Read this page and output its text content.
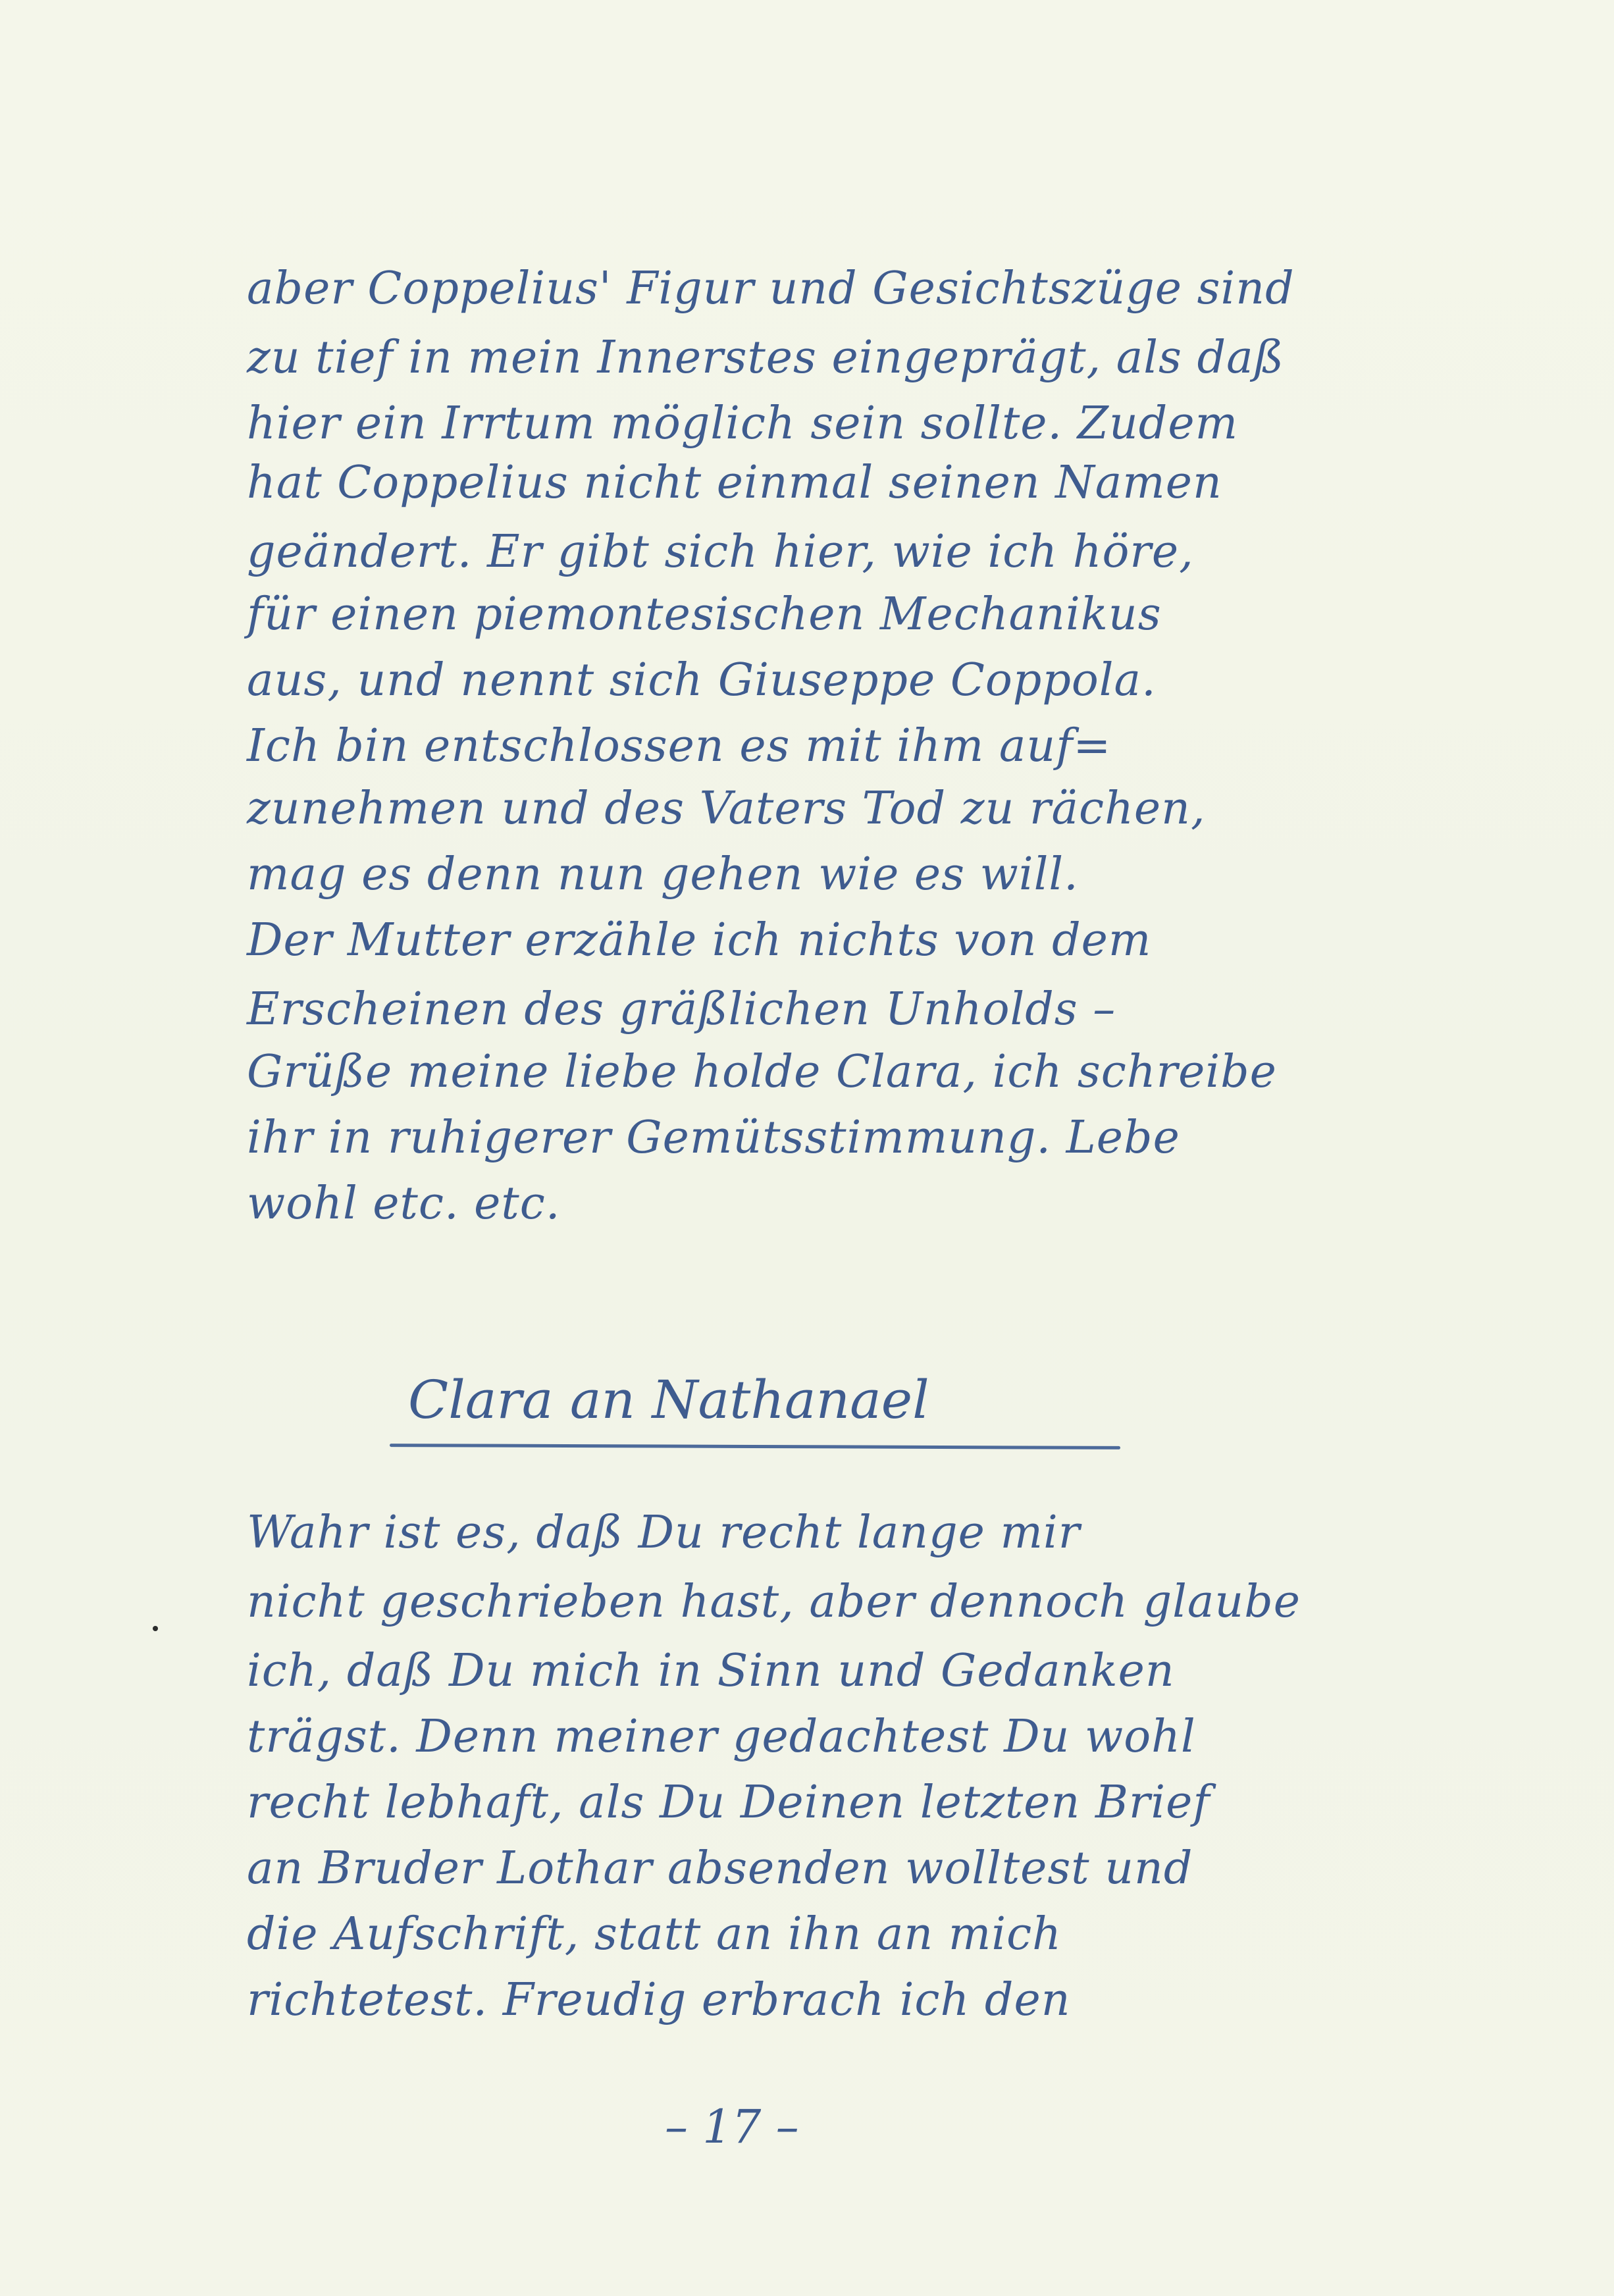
aber Coppelius' Figur und Gesichtszüge sind
zu tief in mein Innerstes eingeprägt, als daß
hier ein Irrtum möglich sein sollte. Zudem
hat Coppelius nicht einmal seinen Namen
geändert. Er gibt sich hier, wie ich höre,
für einen piemontesischen Mechanikus
aus, und nennt sich Giuseppe Coppola.
Ich bin entschlossen es mit ihm auf=
zunehmen und des Vaters Tod zu rächen,
mag es denn nun gehen wie es will.
Der Mutter erzähle ich nichts von dem
Erscheinen des gräßlichen Unholds –
Grüße meine liebe holde Clara, ich schreibe
ihr in ruhigerer Gemütsstimmung. Lebe
wohl etc. etc.
Clara an Nathanael
Wahr ist es, daß Du recht lange mir
nicht geschrieben hast, aber dennoch glaube
ich, daß Du mich in Sinn und Gedanken
trägst. Denn meiner gedachtest Du wohl
recht lebhaft, als Du Deinen letzten Brief
an Bruder Lothar absenden wolltest und
die Aufschrift, statt an ihn an mich
richtetest. Freudig erbrach ich den
– 17 –
